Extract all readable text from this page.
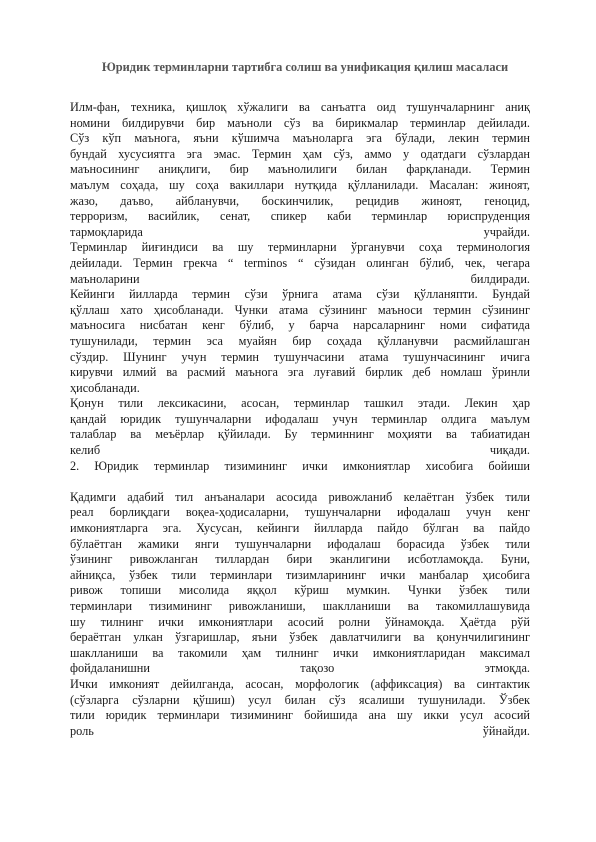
Юридик терминларни тартибга солиш ва унификация қилиш масаласи
Илм-фан, техника, қишлоқ хўжалиги ва санъатга оид тушунчаларнинг аниқ
номини билдирувчи бир маъноли сўз ва бирикмалар терминлар дейилади.
Сўз кўп маънога, яъни кўшимча маъноларга эга бўлади, лекин термин
бундай хусусиятга эга эмас. Термин ҳам сўз, аммо у одатдаги сўзлардан
маъносининг аниқлиги, бир маънолилиги билан фарқланади. Термин
маълум соҳада, шу соҳа вакиллари нутқида қўлланилади. Масалан: жиноят,
жазо, даъво, айбланувчи, боскинчилик, рецидив жиноят, геноцид,
терроризм, васийлик, сенат, спикер каби терминлар юриспруденция
тармоқларида	учрайди.
Терминлар йиғиндиси ва шу терминларни ўрганувчи соҳа терминология
дейилади. Термин грекча “ terminos “ сўзидан олинган бўлиб, чек, чегара
маъноларини	билдиради.
Кейинги йилларда термин сўзи ўрнига атама сўзи қўлланяпти. Бундай
қўллаш хато ҳисобланади. Чунки атама сўзининг маъноси термин сўзининг
маъносига нисбатан кенг бўлиб, у барча нарсаларнинг номи сифатида
тушунилади, термин эса муайян бир соҳада қўлланувчи расмийлашган
сўздир. Шунинг учун термин тушунчасини атама тушунчасининг ичига
кирувчи илмий ва расмий маънога эга луғавий бирлик деб номлаш ўринли
ҳисобланади.
Қонун тили лексикасини, асосан, терминлар ташкил этади. Лекин ҳар
қандай юридик тушунчаларни ифодалаш учун терминлар олдига маълум
талаблар ва меъёрлар қўйилади. Бу терминнинг моҳияти ва табиатидан
келиб	чиқади.
2. Юридик терминлар тизимининг ички имкониятлар хисобига бойиши
Қадимги адабий тил анъаналари асосида ривожланиб келаётган ўзбек тили
реал борлиқдаги воқеа-ҳодисаларни, тушунчаларни ифодалаш учун кенг
имкониятларга эга. Хусусан, кейинги йилларда пайдо бўлган ва пайдо
бўлаётган жамики янги тушунчаларни ифодалаш борасида ўзбек тили
ўзининг ривожланган тиллардан бири эканлигини исботламоқда. Буни,
айниқса, ўзбек тили терминлари тизимларининг ички манбалар ҳисобига
ривож топиши мисолида яққол кўриш мумкин. Чунки ўзбек тили
терминлари тизимининг ривожланиши, шаклланиши ва такомиллашувида
шу тилнинг ички имкониятлари асосий ролни ўйнамоқда. Ҳаётда рўй
бераётган улкан ўзгаришлар, яъни ўзбек давлатчилиги ва қонунчилигининг
шаклланиши ва такомили ҳам тилнинг ички имкониятларидан максимал
фойдаланишни	тақозо	этмоқда.
Ички имконият дейилганда, асосан, морфологик (аффиксация) ва синтактик
(сўзларга сўзларни қўшиш) усул билан сўз ясалиши тушунилади. Ўзбек
тили юридик терминлари тизимининг бойишида ана шу икки усул асосий
роль	ўйнайди.
